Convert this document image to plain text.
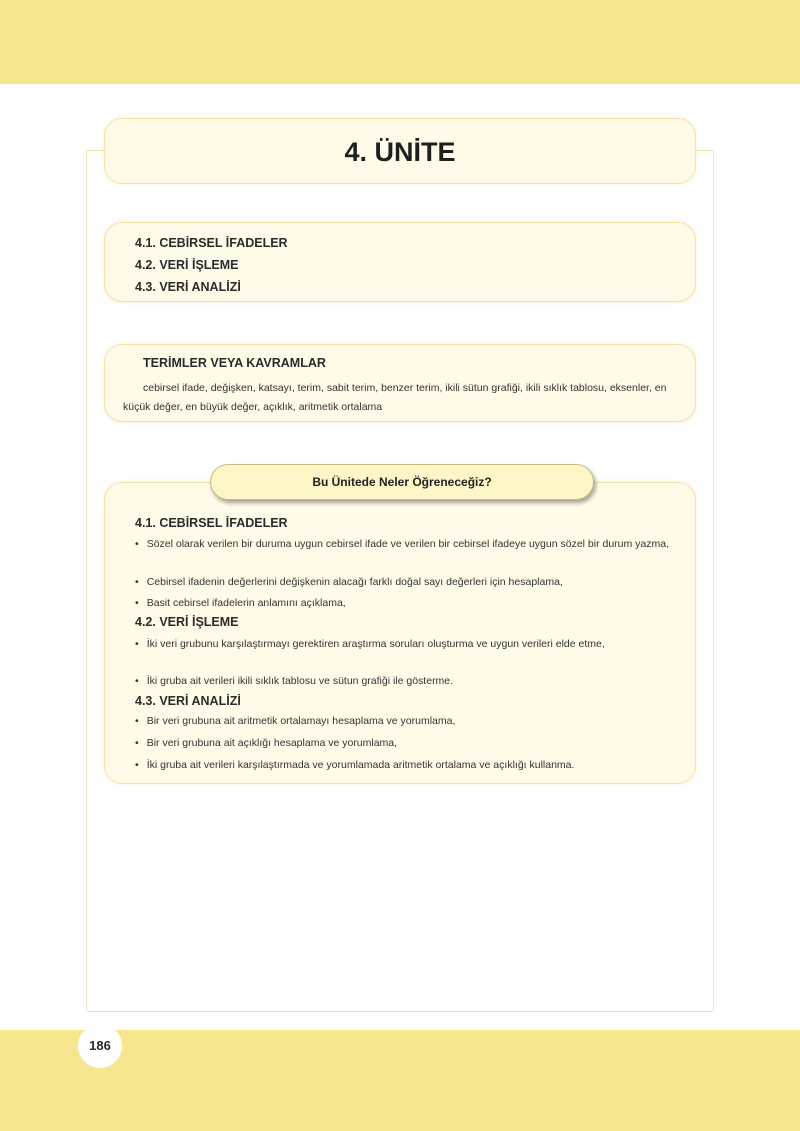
4. ÜNİTE
4.1. CEBİRSEL İFADELER
4.2. VERİ İŞLEME
4.3. VERİ ANALİZİ
TERİMLER VEYA KAVRAMLAR

cebirsel ifade, değişken, katsayı, terim, sabit terim, benzer terim, ikili sütun grafiği, ikili sıklık tablosu, eksenler, en küçük değer, en büyük değer, açıklık, aritmetik ortalama

4.1. CEBİRSEL İFADELER

• Sözel olarak verilen bir duruma uygun cebirsel ifade ve verilen bir cebirsel ifadeye uygun sözel bir durum yazma,

• Cebirsel ifadenin değerlerini değişkenin alacağı farklı doğal sayı değerleri için hesaplama,

• Basit cebirsel ifadelerin anlamını açıklama,

4.2. VERİ İŞLEME

• İki veri grubunu karşılaştırmayı gerektiren araştırma soruları oluşturma ve uygun verileri elde etme,

• İki gruba ait verileri ikili sıklık tablosu ve sütun grafiği ile gösterme.

4.3. VERİ ANALİZİ

• Bir veri grubuna ait aritmetik ortalamayı hesaplama ve yorumlama,

• Bir veri grubuna ait açıklığı hesaplama ve yorumlama,

• İki gruba ait verileri karşılaştırmada ve yorumlamada aritmetik ortalama ve açıklığı kullanma.

Bu Ünitede Neler Öğreneceğiz?
186
